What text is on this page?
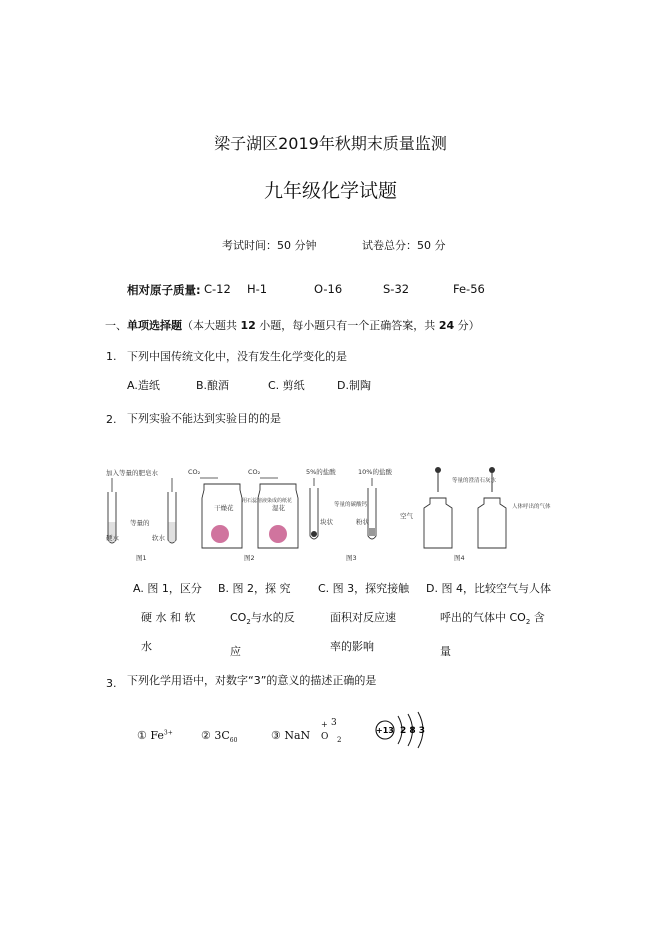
梁子湖区2019年秋期末质量监测
九年级化学试题
考试时间：50 分钟	试卷总分：50 分
相对原子质量: C-12 H-1	O-16	S-32	Fe-56
一、 单项选择题（本大题共 12 小题，每小题只有一个正确答案，共 24 分）
1. 下列中国传统文化中，没有发生化学变化的是
A.造纸	B.酿酒	C. 剪纸	D.制陶
2. 下列实验不能达到实验目的的是
加入等量的肥皂水
等量的
硬水	软水
图1
CO₂	CO₂
干燥花	湿花
用石蕊溶液染成的纸花
图2
5%的盐酸	10%的盐酸
等量的碳酸钙
块状	粉状
图3
等量的澄清石灰水
空气
人体呼出的气体
图4
A. 图 1，区分
硬 水 和 软
水
B. 图 2，探 究
$CO_2$与水的反
应
C. 图 3，探究接触
面积对反应速
率的影响
D. 图 4，比较空气与人体
呼出的气体中 $CO_2$ 含
量
3. 下列化学用语中，对数字“3”的意义的描述正确的是
① $Fe^{3+}$	② $3C_{60}$	③ NaN
+ 3
O 2
+13 2 8 3
